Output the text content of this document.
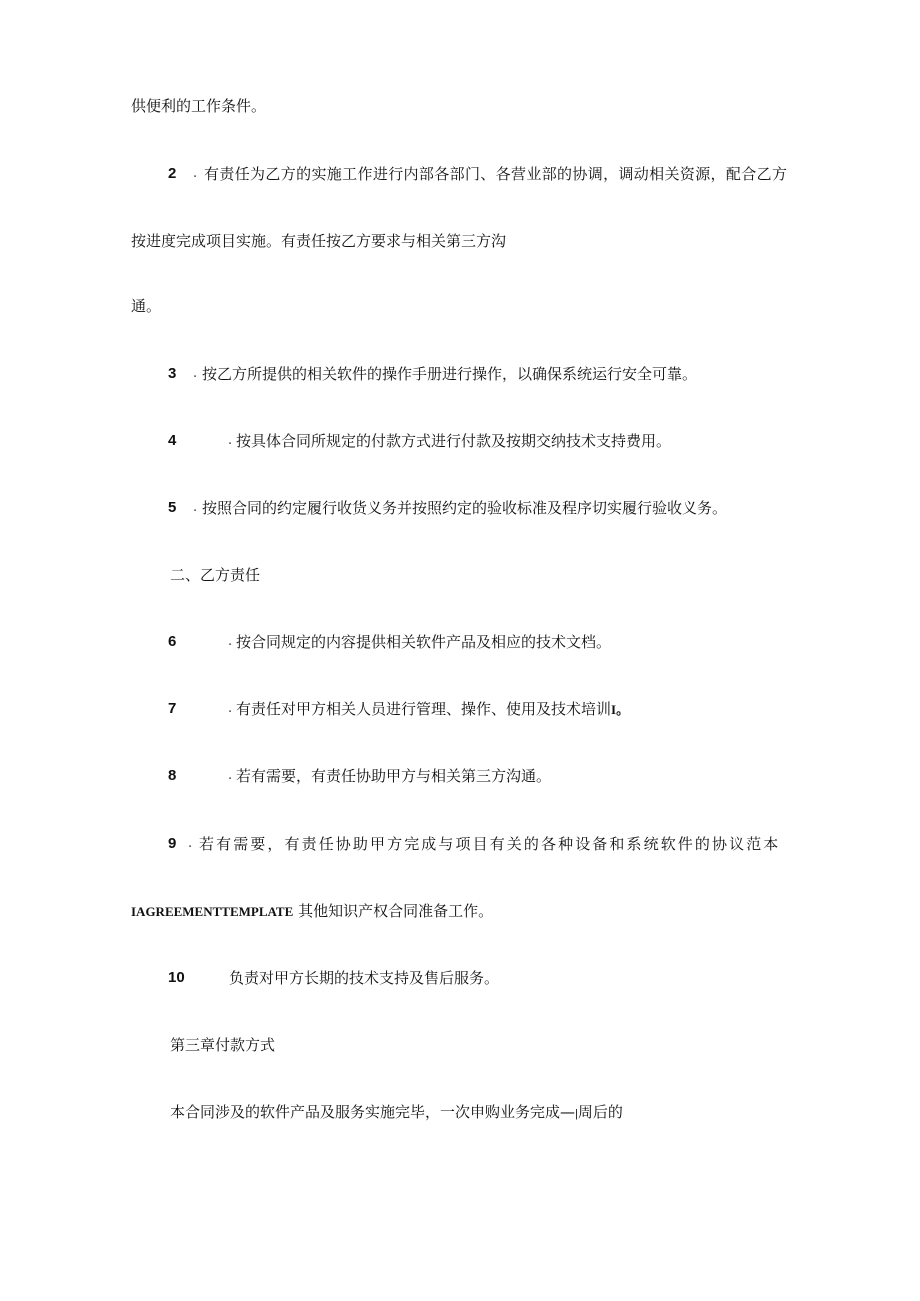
供便利的工作条件。
2 . 有责任为乙方的实施工作进行内部各部门、各营业部的协调，调动相关资源，配合乙方
按进度完成项目实施。有责任按乙方要求与相关第三方沟
通。
3 . 按乙方所提供的相关软件的操作手册进行操作，以确保系统运行安全可靠。
4	. 按具体合同所规定的付款方式进行付款及按期交纳技术支持费用。
5 . 按照合同的约定履行收货义务并按照约定的验收标准及程序切实履行验收义务。
二、乙方责任
6	. 按合同规定的内容提供相关软件产品及相应的技术文档。
7	. 有责任对甲方相关人员进行管理、操作、使用及技术培训I。
8	. 若有需要，有责任协助甲方与相关第三方沟通。
9 . 若有需要，有责任协助甲方完成与项目有关的各种设备和系统软件的协议范本
IAGREEMENTTEMPLATE 其他知识产权合同准备工作。
10	负责对甲方长期的技术支持及售后服务。
第三章付款方式
本合同涉及的软件产品及服务实施完毕，一次申购业务完成—|周后的
